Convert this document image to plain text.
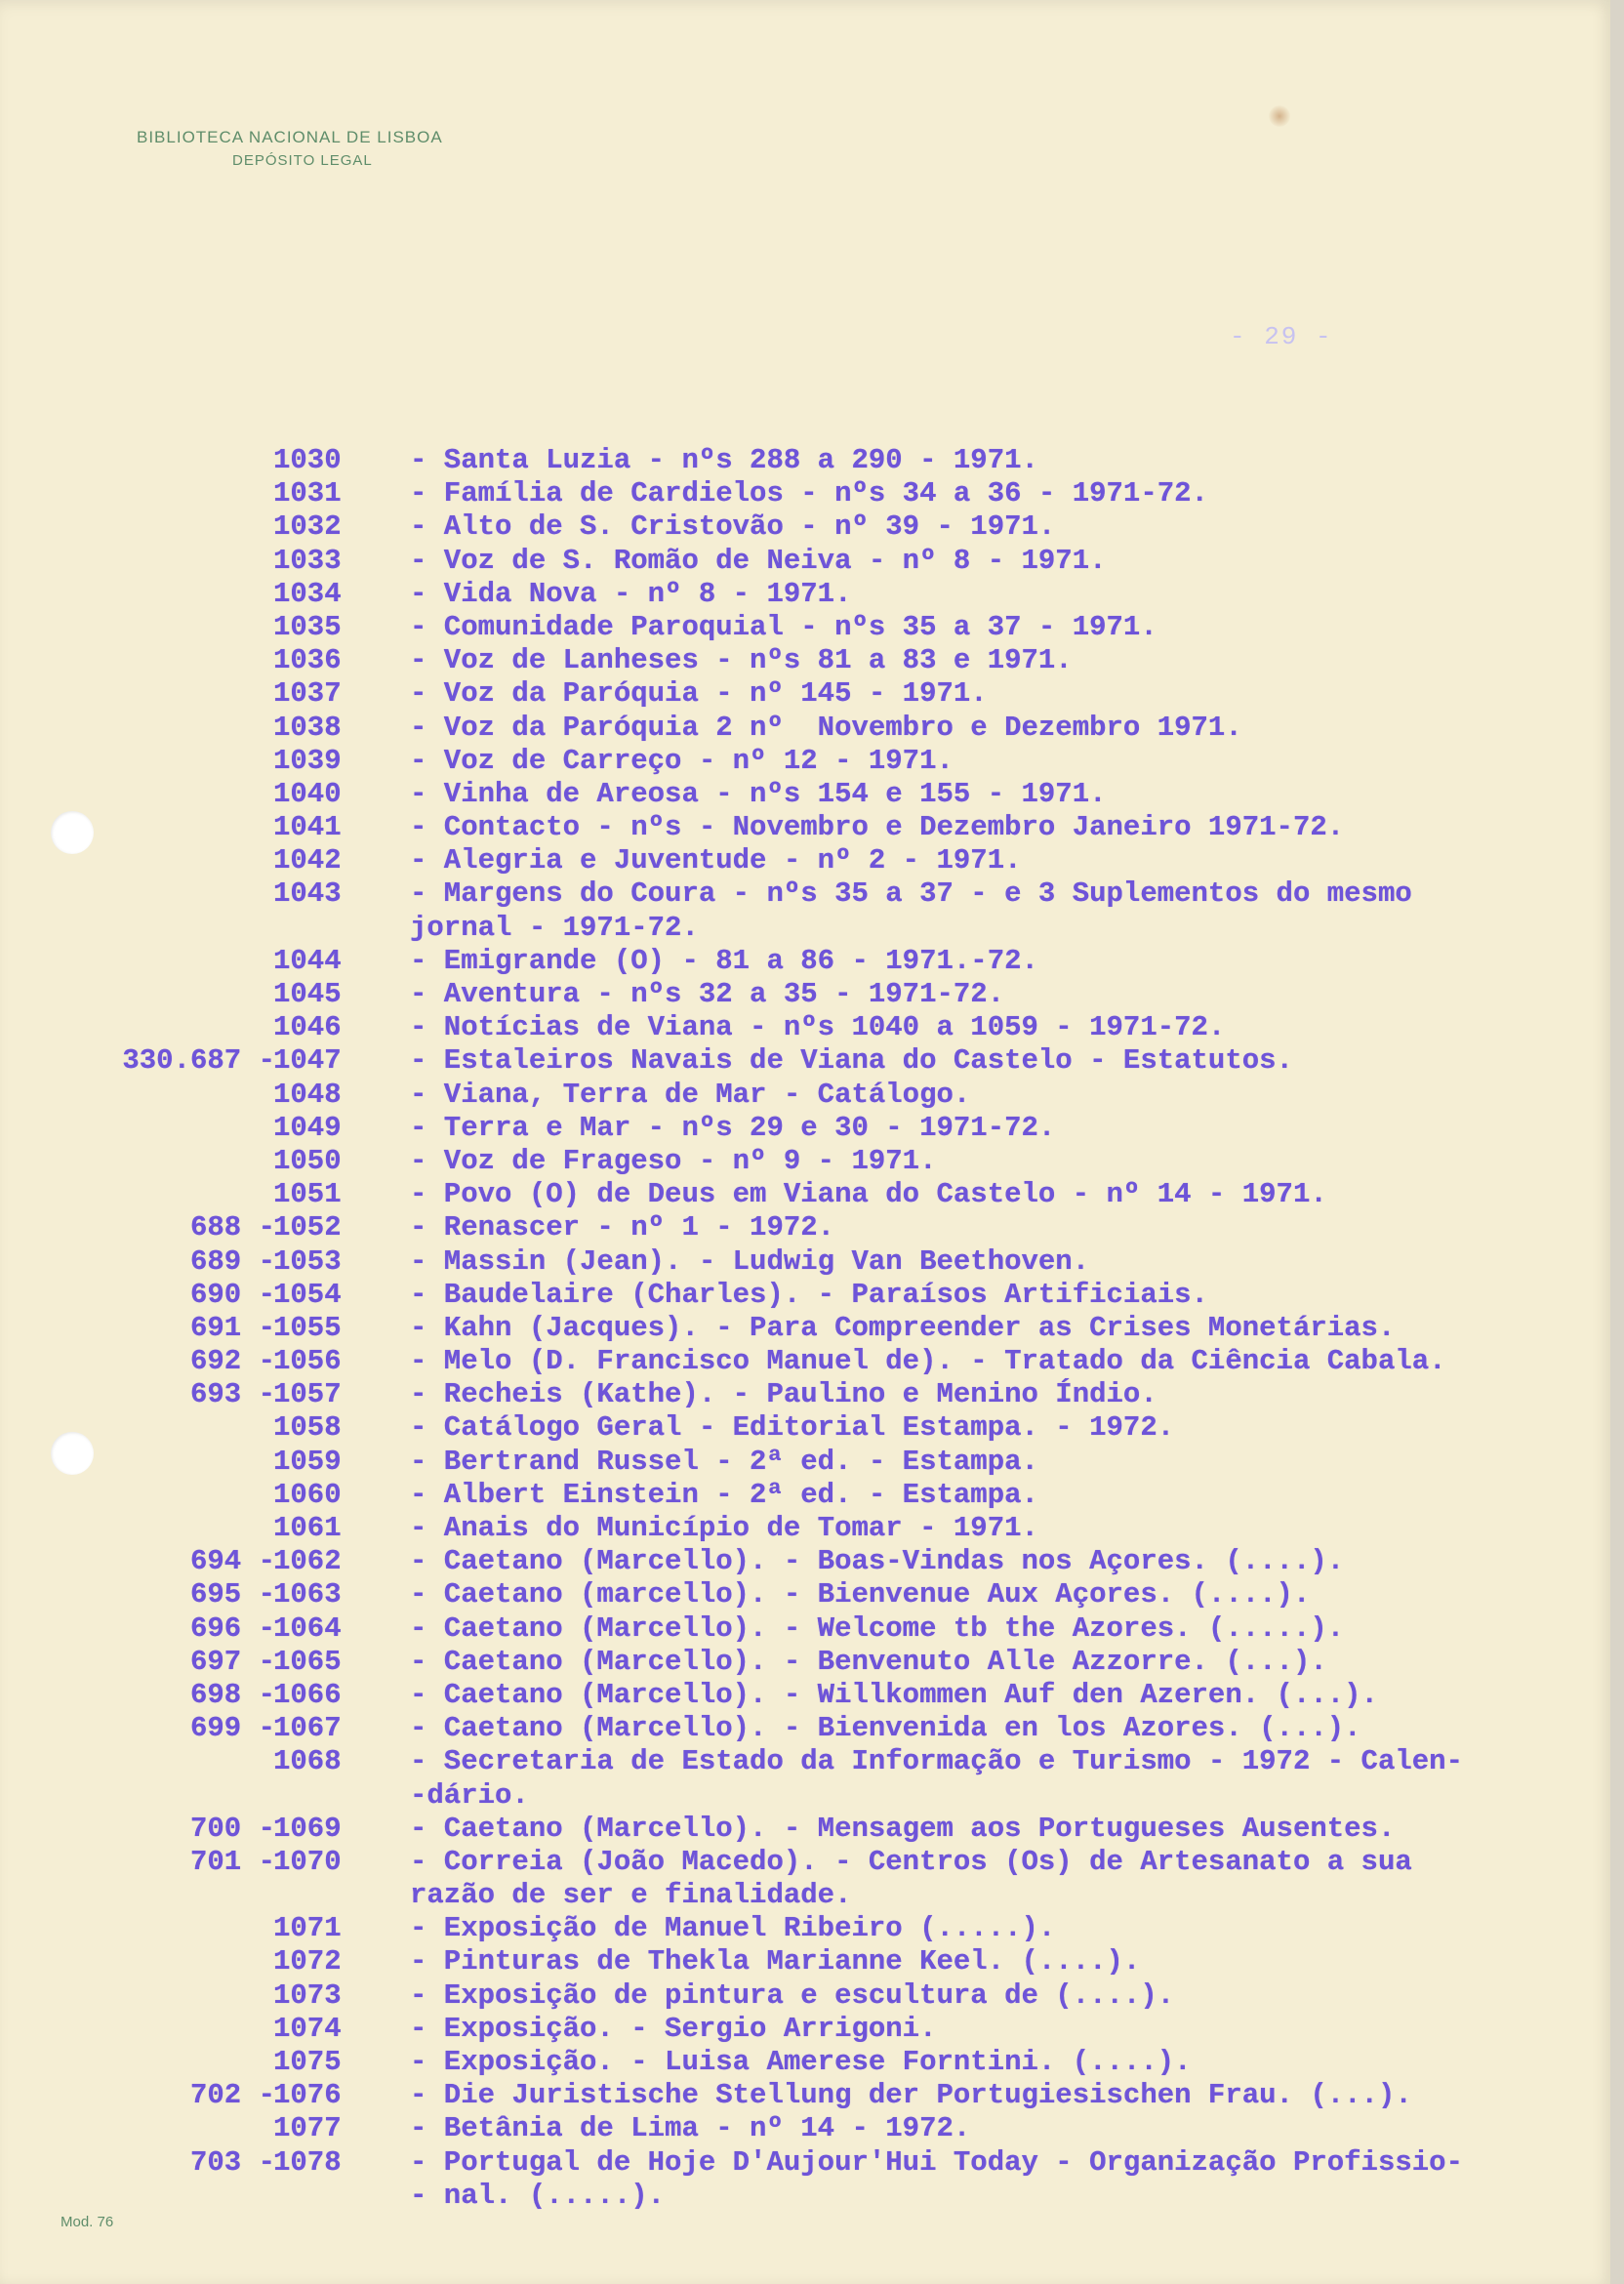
BIBLIOTECA NACIONAL DE LISBOA
DEPÓSITO LEGAL
- 29 -
1030 - Santa Luzia - nºs 288 a 290 - 1971.
1031 - Família de Cardielos - nºs 34 a 36 - 1971-72.
1032 - Alto de S. Cristovão - nº 39 - 1971.
1033 - Voz de S. Romão de Neiva - nº 8 - 1971.
1034 - Vida Nova - nº 8 - 1971.
1035 - Comunidade Paroquial - nºs 35 a 37 - 1971.
1036 - Voz de Lanheses - nºs 81 a 83 e 1971.
1037 - Voz da Paróquia - nº 145 - 1971.
1038 - Voz da Paróquia 2 nº  Novembro e Dezembro 1971.
1039 - Voz de Carreço - nº 12 - 1971.
1040 - Vinha de Areosa - nºs 154 e 155 - 1971.
1041 - Contacto - nºs - Novembro e Dezembro Janeiro 1971-72.
1042 - Alegria e Juventude - nº 2 - 1971.
1043 - Margens do Coura - nºs 35 a 37 - e 3 Suplementos do mesmo
jornal - 1971-72.
1044 - Emigrande (O) - 81 a 86 - 1971.-72.
1045 - Aventura - nºs 32 a 35 - 1971-72.
1046 - Notícias de Viana - nºs 1040 a 1059 - 1971-72.
330.687 -
1047 - Estaleiros Navais de Viana do Castelo - Estatutos.
1048 - Viana, Terra de Mar - Catálogo.
1049 - Terra e Mar - nºs 29 e 30 - 1971-72.
1050 - Voz de Frageso - nº 9 - 1971.
1051 - Povo (O) de Deus em Viana do Castelo - nº 14 - 1971.
688 -
1052 - Renascer - nº 1 - 1972.
689 -
1053 - Massin (Jean). - Ludwig Van Beethoven.
690 -
1054 - Baudelaire (Charles). - Paraísos Artificiais.
691 -
1055 - Kahn (Jacques). - Para Compreender as Crises Monetárias.
692 -
1056 - Melo (D. Francisco Manuel de). - Tratado da Ciência Cabala.
693 -
1057 - Recheis (Kathe). - Paulino e Menino Índio.
1058 - Catálogo Geral - Editorial Estampa. - 1972.
1059 - Bertrand Russel - 2ª ed. - Estampa.
1060 - Albert Einstein - 2ª ed. - Estampa.
1061 - Anais do Município de Tomar - 1971.
694 -
1062 - Caetano (Marcello). - Boas-Vindas nos Açores. (....).
695 -
1063 - Caetano (marcello). - Bienvenue Aux Açores. (....).
696 -
1064 - Caetano (Marcello). - Welcome tb the Azores. (.....).
697 -
1065 - Caetano (Marcello). - Benvenuto Alle Azzorre. (...).
698 -
1066 - Caetano (Marcello). - Willkommen Auf den Azeren. (...).
699 -
1067 - Caetano (Marcello). - Bienvenida en los Azores. (...).
1068 - Secretaria de Estado da Informação e Turismo - 1972 - Calen-
-dário.
700 -
1069 - Caetano (Marcello). - Mensagem aos Portugueses Ausentes.
701 -
1070 - Correia (João Macedo). - Centros (Os) de Artesanato a sua
razão de ser e finalidade.
1071 - Exposição de Manuel Ribeiro (.....).
1072 - Pinturas de Thekla Marianne Keel. (....).
1073 - Exposição de pintura e escultura de (....).
1074 - Exposição. - Sergio Arrigoni.
1075 - Exposição. - Luisa Amerese Forntini. (....).
702 -
1076 - Die Juristische Stellung der Portugiesischen Frau. (...).
1077 - Betânia de Lima - nº 14 - 1972.
703 -
1078 - Portugal de Hoje D'Aujour'Hui Today - Organização Profissio-
- nal. (.....).
Mod. 76
